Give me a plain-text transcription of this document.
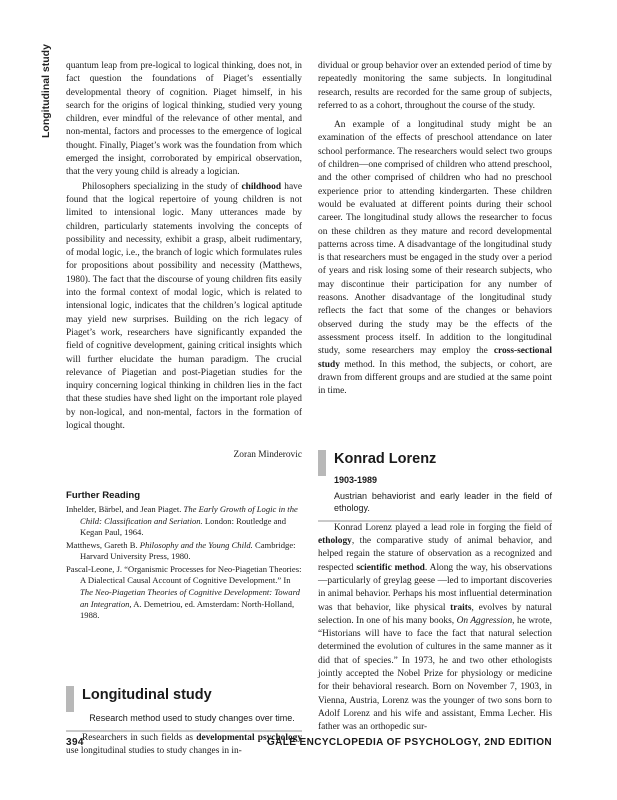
Longitudinal study quantum leap from pre-logical to logical thinking, does not, in fact question the foundations of Piaget’s essentially developmental theory of cognition. Piaget himself, in his search for the origins of logical thinking, studied very young children, ever mindful of the relevance of other mental, and non-mental, factors and processes to the emergence of logical thought. Finally, Piaget’s work was the foundation from which emerged the insight, corroborated by empirical observation, that the very young child is already a logician.

Philosophers specializing in the study of childhood have found that the logical repertoire of young children is not limited to intensional logic. Many utterances made by children, particularly statements involving the concepts of possibility and necessity, exhibit a grasp, albeit rudimentary, of modal logic, i.e., the branch of logic which formulates rules for propositions about possibility and necessity (Matthews, 1980). The fact that the discourse of young children fits easily into the formal context of modal logic, which is related to intensional logic, indicates that the children’s logical aptitude may yield new surprises. Building on the rich legacy of Piaget’s work, researchers have significantly expanded the field of cognitive development, gaining critical insights which will further elucidate the human paradigm. The crucial relevance of Piagetian and post-Piagetian studies for the inquiry concerning logical thinking in children lies in the fact that these studies have shed light on the important role played by non-logical, and non-mental, factors in the formation of logical thought.

Zoran Minderovic
Further Reading

Inhelder, Bärbel, and Jean Piaget. The Early Growth of Logic in the Child: Classification and Seriation. London: Routledge and Kegan Paul, 1964.

Matthews, Gareth B. Philosophy and the Young Child. Cambridge: Harvard University Press, 1980.

Pascal-Leone, J. “Organismic Processes for Neo-Piagetian Theories: A Dialectical Causal Account of Cognitive Development.” In The Neo-Piagetian Theories of Cognitive Development: Toward an Integration, A. Demetriou, ed. Amsterdam: North-Holland, 1988.

Longitudinal study
Research method used to study changes over time.

Researchers in such fields as developmental psychology use longitudinal studies to study changes in in-

dividual or group behavior over an extended period of time by repeatedly monitoring the same subjects. In longitudinal research, results are recorded for the same group of subjects, referred to as a cohort, throughout the course of the study.

An example of a longitudinal study might be an examination of the effects of preschool attendance on later school performance. The researchers would select two groups of children—one comprised of children who attend preschool, and the other comprised of children who had no preschool experience prior to attending kindergarten. These children would be evaluated at different points during their school career. The longitudinal study allows the researcher to focus on these children as they mature and record developmental patterns across time. A disadvantage of the longitudinal study is that researchers must be engaged in the study over a period of years and risk losing some of their research subjects, who may discontinue their participation for any number of reasons. Another disadvantage of the longitudinal study reflects the fact that some of the changes or behaviors observed during the study may be the effects of the assessment process itself. In addition to the longitudinal study, some researchers may employ the cross-sectional study method. In this method, the subjects, or cohort, are drawn from different groups and are studied at the same point in time.

Konrad Lorenz
1903-1989
Austrian behaviorist and early leader in the field of ethology.

Konrad Lorenz played a lead role in forging the field of ethology, the comparative study of animal behavior, and helped regain the stature of observation as a recognized and respected scientific method. Along the way, his observations—particularly of greylag geese —led to important discoveries in animal behavior. Perhaps his most influential determination was that behavior, like physical traits, evolves by natural selection. In one of his many books, On Aggression, he wrote, “Historians will have to face the fact that natural selection determined the evolution of cultures in the same manner as it did that of species.” In 1973, he and two other ethologists jointly accepted the Nobel Prize for physiology or medicine for their behavioral research. Born on November 7, 1903, in Vienna, Austria, Lorenz was the younger of two sons born to Adolf Lorenz and his wife and assistant, Emma Lecher. His father was an orthopedic sur-

394	GALE ENCYCLOPEDIA OF PSYCHOLOGY, 2ND EDITION
